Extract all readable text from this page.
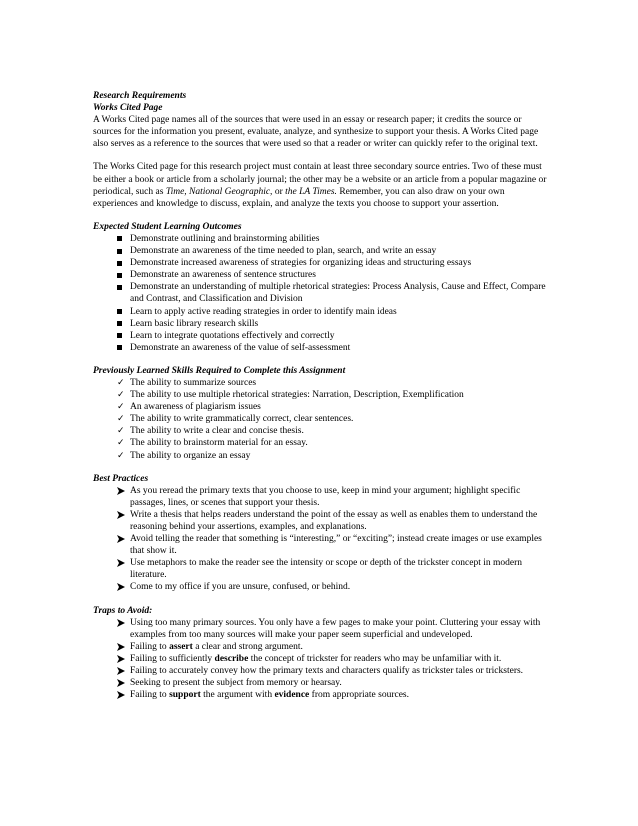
Research Requirements
Works Cited Page

A Works Cited page names all of the sources that were used in an essay or research paper; it credits the source or sources for the information you present, evaluate, analyze, and synthesize to support your thesis. A Works Cited page also serves as a reference to the sources that were used so that a reader or writer can quickly refer to the original text.

The Works Cited page for this research project must contain at least three secondary source entries. Two of these must be either a book or article from a scholarly journal; the other may be a website or an article from a popular magazine or periodical, such as Time, National Geographic, or the LA Times. Remember, you can also draw on your own experiences and knowledge to discuss, explain, and analyze the texts you choose to support your assertion.

Expected Student Learning Outcomes
Demonstrate outlining and brainstorming abilities
Demonstrate an awareness of the time needed to plan, search, and write an essay
Demonstrate increased awareness of strategies for organizing ideas and structuring essays
Demonstrate an awareness of sentence structures
Demonstrate an understanding of multiple rhetorical strategies: Process Analysis, Cause and Effect, Compare and Contrast, and Classification and Division
Learn to apply active reading strategies in order to identify main ideas
Learn basic library research skills
Learn to integrate quotations effectively and correctly
Demonstrate an awareness of the value of self-assessment
Previously Learned Skills Required to Complete this Assignment
✓ The ability to summarize sources
✓ The ability to use multiple rhetorical strategies: Narration, Description, Exemplification
✓ An awareness of plagiarism issues
✓ The ability to write grammatically correct, clear sentences.
✓ The ability to write a clear and concise thesis.
✓ The ability to brainstorm material for an essay.
✓ The ability to organize an essay
Best Practices
As you reread the primary texts that you choose to use, keep in mind your argument; highlight specific passages, lines, or scenes that support your thesis.
Write a thesis that helps readers understand the point of the essay as well as enables them to understand the reasoning behind your assertions, examples, and explanations.
Avoid telling the reader that something is “interesting,” or “exciting”; instead create images or use examples that show it.
Use metaphors to make the reader see the intensity or scope or depth of the trickster concept in modern literature.
Come to my office if you are unsure, confused, or behind.
Traps to Avoid:
Using too many primary sources. You only have a few pages to make your point. Cluttering your essay with examples from too many sources will make your paper seem superficial and undeveloped.
Failing to assert a clear and strong argument.
Failing to sufficiently describe the concept of trickster for readers who may be unfamiliar with it.
Failing to accurately convey how the primary texts and characters qualify as trickster tales or tricksters.
Seeking to present the subject from memory or hearsay.
Failing to support the argument with evidence from appropriate sources.
